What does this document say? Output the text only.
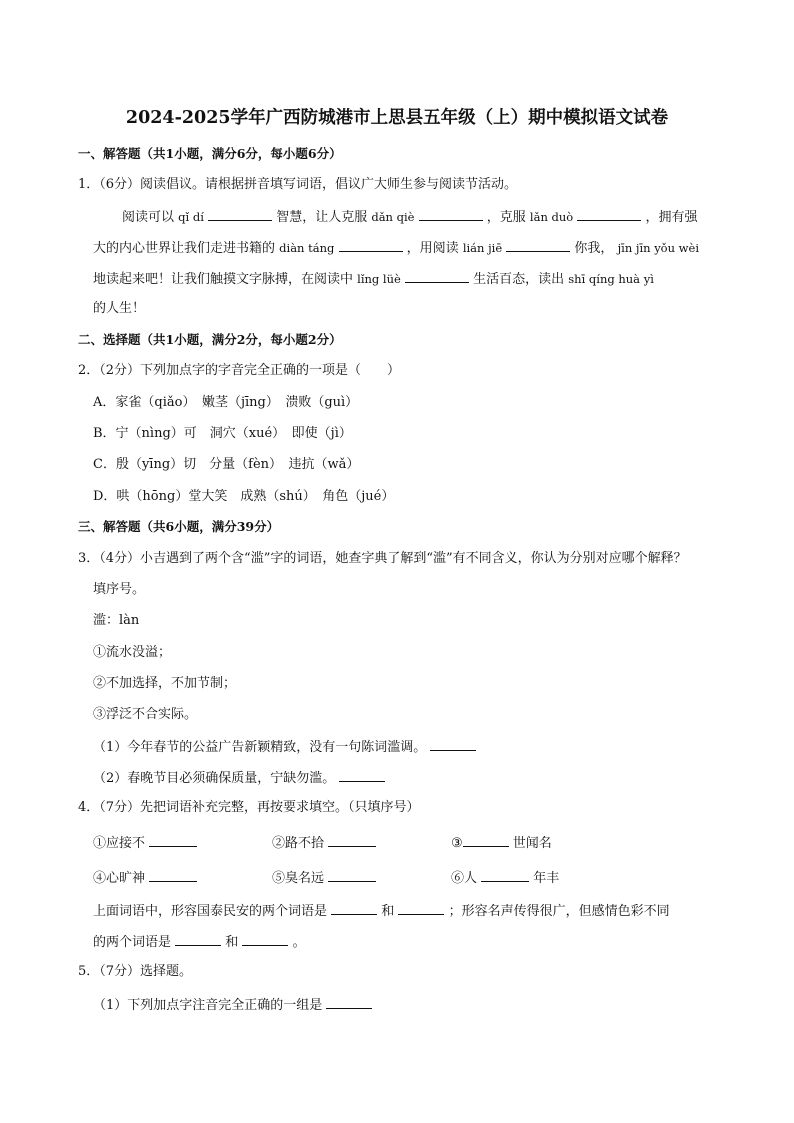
2024-2025学年广西防城港市上思县五年级（上）期中模拟语文试卷
一、解答题（共1小题，满分6分，每小题6分）
1．（6分）阅读倡议。请根据拼音填写词语，倡议广大师生参与阅读节活动。
阅读可以 qǐ dí	智慧，让人克服 dǎn qiè	，克服 lǎn duò	，拥有强
大的内心世界让我们走进书籍的 diàn táng	，用阅读 lián jiē	你我， jīn jīn yǒu wèi
地读起来吧！让我们触摸文字脉搏，在阅读中 lǐng lüè	生活百态，读出 shī qíng huà yì
的人生！
二、选择题（共1小题，满分2分，每小题2分）
2．（2分）下列加点字的字音完全正确的一项是（　　）
A．家雀（qiǎo）　嫩茎（jīng）　溃败（guì）
B．宁（nìng）可　洞穴（xué）　即使（jì）
C．殷（yīng）切　分量（fèn）　违抗（wǎ）
D．哄（hōng）堂大笑　成熟（shú）　角色（jué）
三、解答题（共6小题，满分39分）
3．（4分）小吉遇到了两个含“滥”字的词语，她查字典了解到“滥”有不同含义，你认为分别对应哪个解释？
填序号。
滥：làn
①流水没溢；
②不加选择，不加节制；
③浮泛不合实际。
（1）今年春节的公益广告新颖精致，没有一句陈词滥调。
（2）春晚节目必须确保质量，宁缺勿滥。
4．（7分）先把词语补充完整，再按要求填空。（只填序号）
①应接不	②路不拾	③	世闻名
④心旷神	⑤臭名远	⑥人	年丰
上面词语中，形容国泰民安的两个词语是	和	；形容名声传得很广，但感情色彩不同
的两个词语是	和	。
5．（7分）选择题。
（1）下列加点字注音完全正确的一组是
